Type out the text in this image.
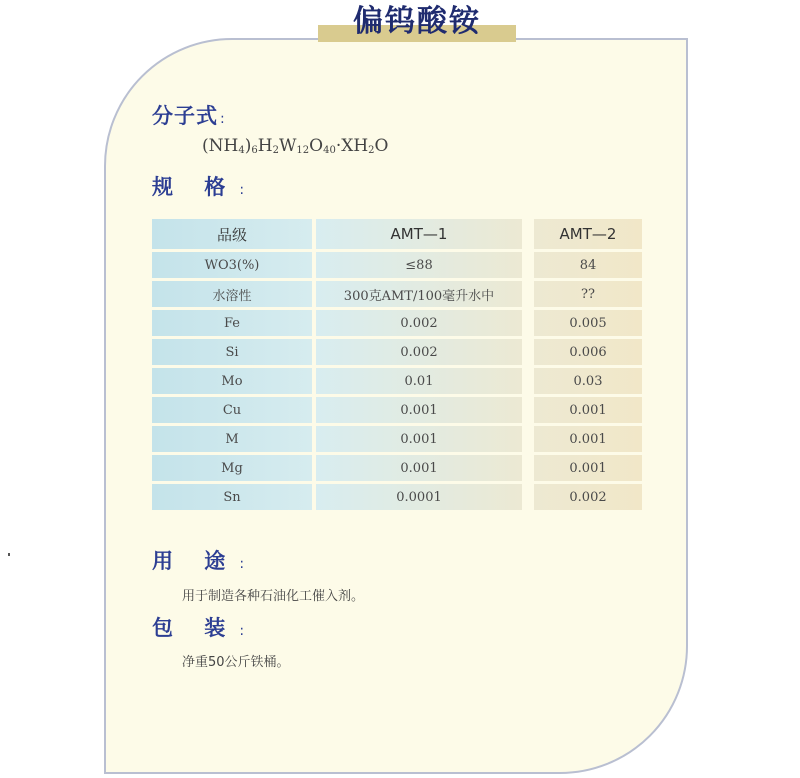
偏钨酸铵
分子式 :
$(NH_4)_6H_2W_{12}O_{40}\cdot XH_2O$
规 格 :
品级	AMT—1		AMT—2
WO3(%)	≤88		84
水溶性	300克AMT/100毫升水中		??
Fe	0.002		0.005
Si	0.002		0.006
Mo	0.01		0.03
Cu	0.001		0.001
M	0.001		0.001
Mg	0.001		0.001
Sn	0.0001		0.002
用 途 :
用于制造各种石油化工催入剂。
包 装 :
净重50公斤铁桶。
